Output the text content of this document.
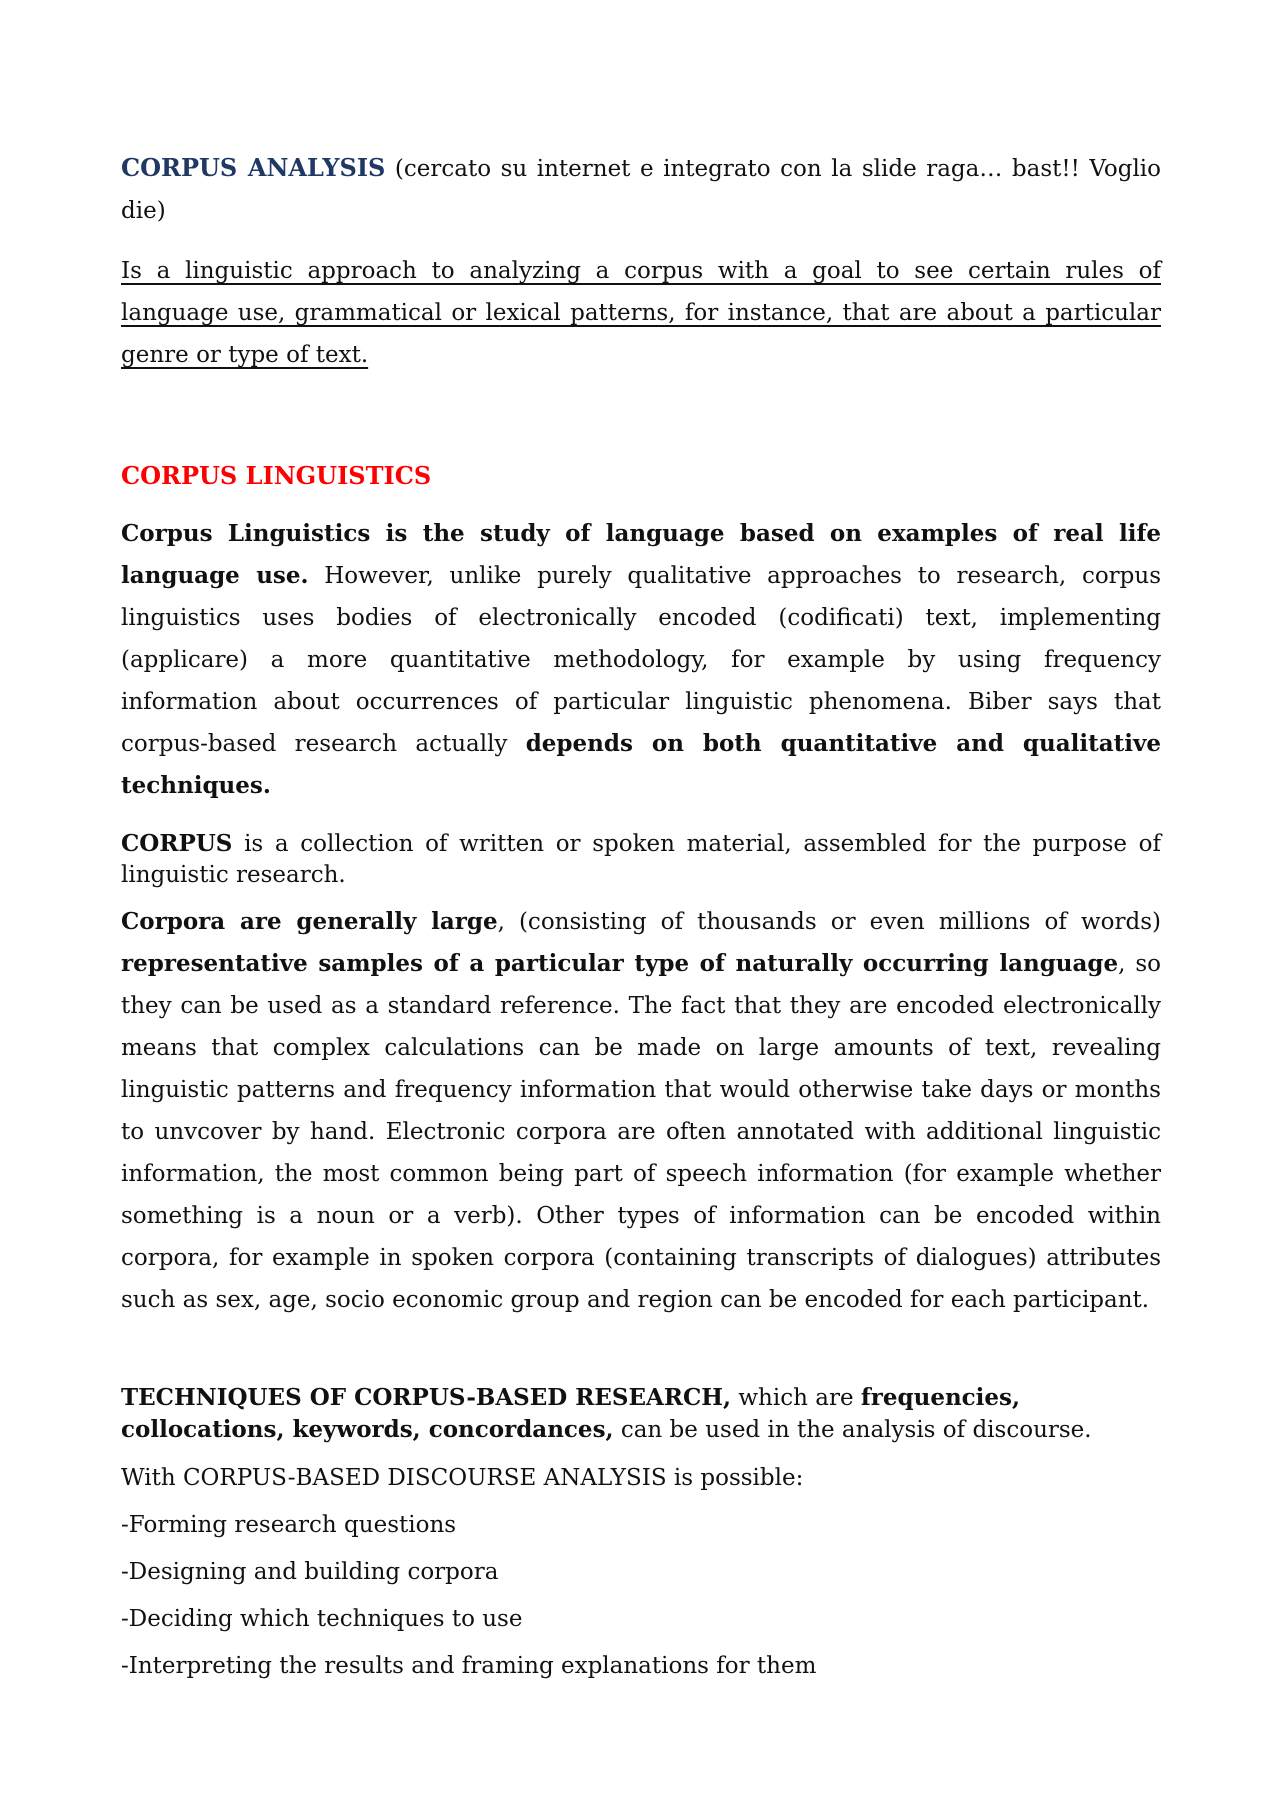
CORPUS ANALYSIS (cercato su internet e integrato con la slide raga… bast!! Voglio die)

Is a linguistic approach to analyzing a corpus with a goal to see certain rules of language use, grammatical or lexical patterns, for instance, that are about a particular genre or type of text.

CORPUS LINGUISTICS

Corpus Linguistics is the study of language based on examples of real life language use. However, unlike purely qualitative approaches to research, corpus linguistics uses bodies of electronically encoded (codificati) text, implementing (applicare) a more quantitative methodology, for example by using frequency information about occurrences of particular linguistic phenomena. Biber says that corpus-based research actually depends on both quantitative and qualitative techniques.

CORPUS is a collection of written or spoken material, assembled for the purpose of linguistic research.

Corpora are generally large, (consisting of thousands or even millions of words) representative samples of a particular type of naturally occurring language, so they can be used as a standard reference. The fact that they are encoded electronically means that complex calculations can be made on large amounts of text, revealing linguistic patterns and frequency information that would otherwise take days or months to unvcover by hand. Electronic corpora are often annotated with additional linguistic information, the most common being part of speech information (for example whether something is a noun or a verb). Other types of information can be encoded within corpora, for example in spoken corpora (containing transcripts of dialogues) attributes such as sex, age, socio economic group and region can be encoded for each participant.

TECHNIQUES OF CORPUS-BASED RESEARCH, which are frequencies, collocations, keywords, concordances, can be used in the analysis of discourse.

With CORPUS-BASED DISCOURSE ANALYSIS is possible:

-Forming research questions

-Designing and building corpora

-Deciding which techniques to use

-Interpreting the results and framing explanations for them
